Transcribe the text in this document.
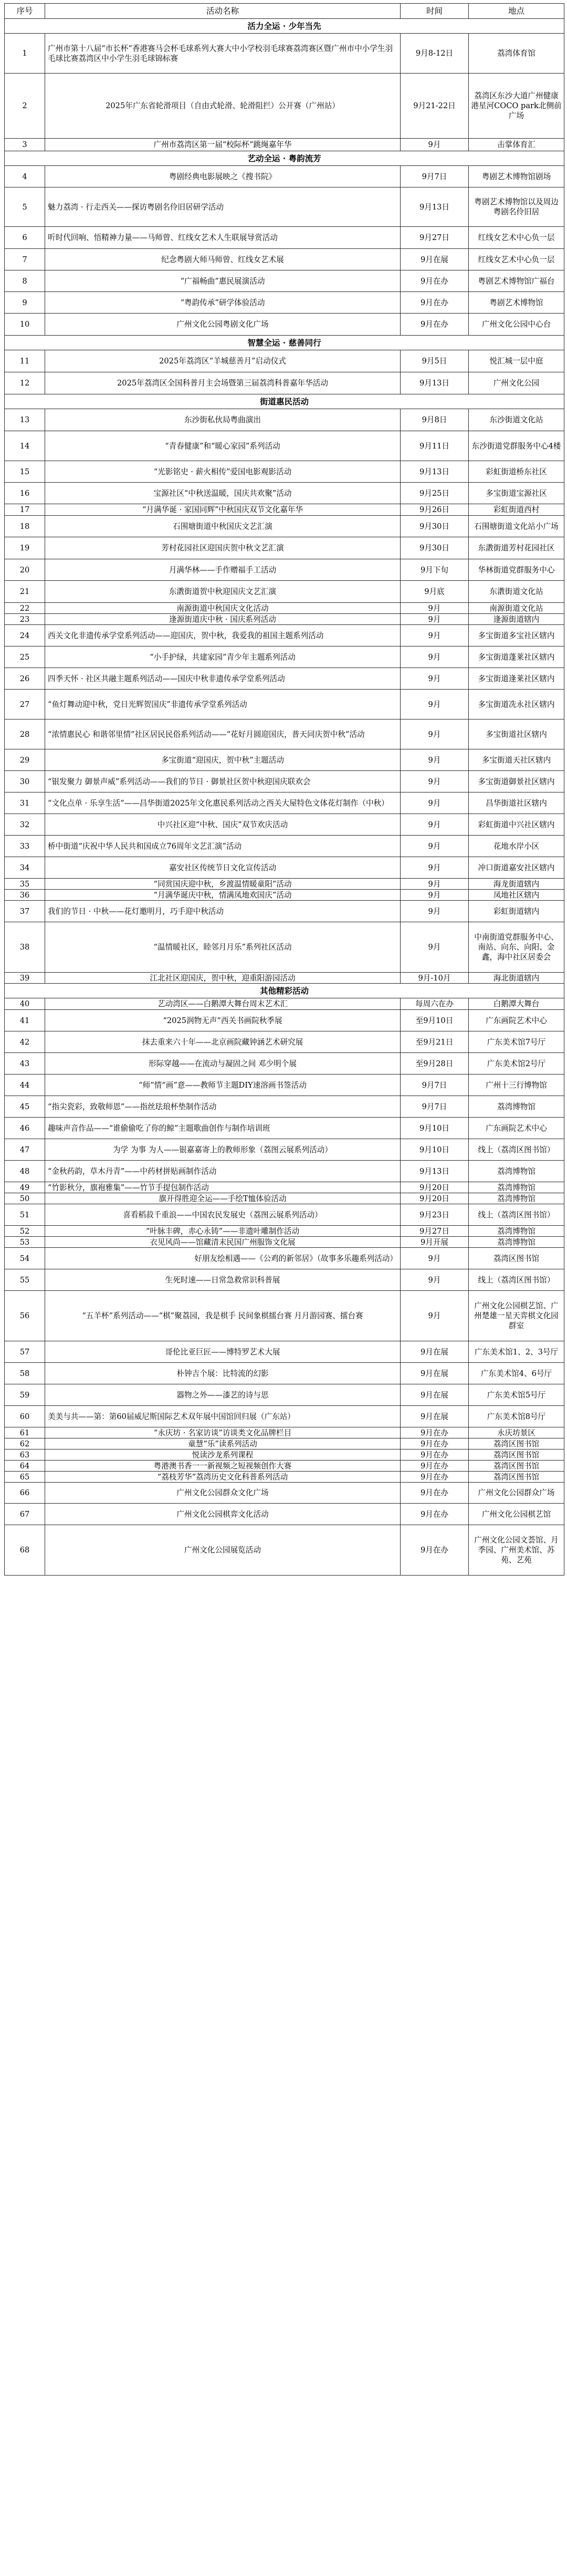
序号	活动名称	时间	地点
活力全运 · 少年当先			
1	广州市第十八届“市长杯”香港赛马会杯毛球系列大赛大中小学校羽毛球赛荔湾赛区暨广州市中小学生羽毛球比赛荔湾区中小学生羽毛球锦标赛	9月8-12日	荔湾体育馆
2	2025年广东省轮滑项目（自由式轮滑、轮滑阻拦）公开赛（广州站）	9月21-22日	荔湾区东沙大道广州健康港星河COCO park北侧前广场
3	广州市荔湾区第一届“校际杯”跳绳嘉年华	9月	击掌体育汇
艺动全运 · 粤韵流芳			
4	粤剧经典电影展映之《搜书院》	9月7日	粤剧艺术博物馆剧场
5	魅力荔湾 · 行走西关——探访粤剧名伶旧居研学活动	9月13日	粤剧艺术博物馆以及周边粤剧名伶旧居
6	听时代回响、悟精神力量——马师曾、红线女艺术人生联展导赏活动	9月27日	红线女艺术中心负一层
7	纪念粤剧大师马师曾、红线女艺术展	9月在展	红线女艺术中心负一层
8	“广福畅曲”惠民展演活动	9月在办	粤剧艺术博物馆广福台
9	“粤韵传承”研学体验活动	9月在办	粤剧艺术博物馆
10	广州文化公园粤剧文化广场	9月在办	广州文化公园中心台
智慧全运 · 慈善同行			
11	2025年荔湾区“羊城慈善月”启动仪式	9月5日	悦汇城一层中庭
12	2025年荔湾区全国科普月主会场暨第三届荔湾科普嘉年华活动	9月13日	广州文化公园
街道惠民活动			
13	东沙街私伙局粤曲演出	9月8日	东沙街道文化站
14	“青春健康”和“暖心家园”系列活动	9月11日	东沙街道党群服务中心4楼
15	“光影铭史 · 薪火相传”爱国电影观影活动	9月13日	彩虹街道桥东社区
16	宝源社区“中秋送温暖，国庆共欢聚”活动	9月25日	多宝街道宝源社区
17	“月满华诞 · 家国同辉”中秋国庆双节文化嘉年华	9月26日	彩虹街道西村
18	石围塘街道中秋国庆文艺汇演	9月30日	石围塘街道文化站小广场
19	芳村花园社区迎国庆贺中秋文艺汇演	9月30日	东漖街道芳村花园社区
20	月满华林——手作赠福手工活动	9月下旬	华林街道党群服务中心
21	东漖街道贺中秋迎国庆文艺汇演	9月底	东漖街道文化站
22	南源街道中秋国庆文化活动	9月	南源街道文化站
23	逢源街道庆中秋 · 国庆系列活动	9月	逢源街道辖内
24	西关文化非遗传承学堂系列活动——迎国庆，贺中秋，我爱我的祖国主题系列活动	9月	多宝街道多宝社区辖内
25	“小手护绿，共建家园”青少年主题系列活动	9月	多宝街道蓬莱社区辖内
26	四季天怀 · 社区共融主题系列活动——国庆中秋非遗传承学堂系列活动	9月	多宝街道逢莱社区辖内
27	“鱼灯舞动迎中秋，党日光辉贺国庆”非遗传承学堂系列活动	9月	多宝街道冼永社区辖内
28	“浓情惠民心 和谐邻里情”社区居民民俗系列活动——“花好月圆迎国庆，普天同庆贺中秋”活动	9月	多宝街道社区辖内
29	多宝街道“迎国庆，贺中秋”主题活动	9月	多宝街道天社区辖内
30	“银发聚力 御景声威”系列活动——我们的节日 · 御景社区贺中秋迎国庆联欢会	9月	多宝街道御景社区辖内
31	“文化点单 · 乐享生活”——昌华街道2025年文化惠民系列活动之西关大屋特色文体花灯制作（中秋）	9月	昌华街道社区辖内
32	中兴社区迎“中秋、国庆”双节欢庆活动	9月	彩虹街道中兴社区辖内
33	桥中街道“庆祝中华人民共和国成立76周年文艺汇演”活动	9月	花地水岸小区
34	嘉安社区传统节日文化宣传活动	9月	冲口街道嘉安社区辖内
35	“同赏国庆迎中秋，乡渡温情暖童阳”活动	9月	海龙街道辖内
36	“月满华诞庆中秋，情满凤地欢国庆”活动	9月	凤地社区辖内
37	我们的节日 · 中秋——花灯邀明月，巧手迎中秋活动	9月	彩虹街道辖内
38	“温情暖社区，睦邻月月乐”系列社区活动	9月	中南街道党群服务中心、南站、向东、向阳、金鑫，海中社区居委会
39	江北社区迎国庆，贺中秋，迎重阳游园活动	9月-10月	海北街道辖内
其他精彩活动			
40	艺动湾区——白鹅潭大舞台周末艺术汇	每周六在办	白鹅潭大舞台
41	“2025润物无声”西关书画院秋季展	至9月10日	广东画院艺术中心
42	抹去重来六十年——北京画院藏钟涵艺术研究展	至9月21日	广东美术馆7号厅
43	形际穿越——在流动与凝固之间 邓少明个展	至9月28日	广东美术馆2号厅
44	“师”情“画”意——教师节主题DIY速溶画书签活动	9月7日	广州十三行博物馆
45	“指尖瓷彩，致敬师恩”——指丝珐琅杯垫制作活动	9月7日	荔湾博物馆
46	趣味声音作品——“谁偷偷吃了你的鲸”主题歌曲创作与制作培训班	9月10日	广东画院艺术中心
47	为学 为事 为人——银嘉嘉寄上的教师形象（荔图云展系列活动）	9月10日	线上（荔湾区图书馆）
48	“金秋药韵，草木丹青”——中药材拼贴画制作活动	9月13日	荔湾博物馆
49	“竹影秋分，旗袍雅集”——竹节手提包制作活动	9月20日	荔湾博物馆
50	旗开得胜迎全运——手绘T恤体验活动	9月20日	荔湾博物馆
51	喜看稻菽千重浪——中国农民发展史（荔图云展系列活动）	9月23日	线上（荔湾区图书馆）
52	“叶脉丰碑，赤心永铸”——非遗叶雕制作活动	9月27日	荔湾博物馆
53	衣见风尚——馆藏清末民国广州服饰文化展	9月开展	荔湾博物馆
54	好朋友绘相遇——《公鸡的新邻居》（故事多乐趣系列活动）	9月	荔湾区图书馆
55	生死时速——日常急救常识科普展	9月	线上（荔湾区图书馆）
56	“五羊杯”系列活动——“棋”聚荔园，我是棋手 民间象棋擂台赛 月月游园赛、擂台赛	9月	广州文化公园棋艺馆、广州楚雄一星天弈棋文化园群室
57	哥伦比亚巨匠——博特罗艺术大展	9月在展	广东美术馆1、2、3号厅
58	朴钟吉个展：比特流的幻影	9月在展	广东美术馆4、6号厅
59	器物之外——漆艺的诗与思	9月在展	广东美术馆5号厅
60	美美与共——第：第60届威尼斯国际艺术双年展中国馆回归展（广东站）	9月在展	广东美术馆8号厅
61	“永庆坊 · 名家访谈”访谈类文化品牌栏目	9月在办	永庆坊景区
62	童慧“乐”读系列活动	9月在办	荔湾区图书馆
63	悦读沙龙系列课程	9月在办	荔湾区图书馆
64	粤港澳书香一一新视频之短视频创作大赛	9月在办	荔湾区图书馆
65	“荔枝芳华”荔湾历史文化科普系列活动	9月在办	荔湾区图书馆
66	广州文化公园群众文化广场	9月在办	广州文化公园群众广场
67	广州文化公园棋弈文化活动	9月在办	广州文化公园棋艺馆
68	广州文化公园展览活动	9月在办	广州文化公园文荟馆、月季园、广州美术馆、苏苑、艺苑
